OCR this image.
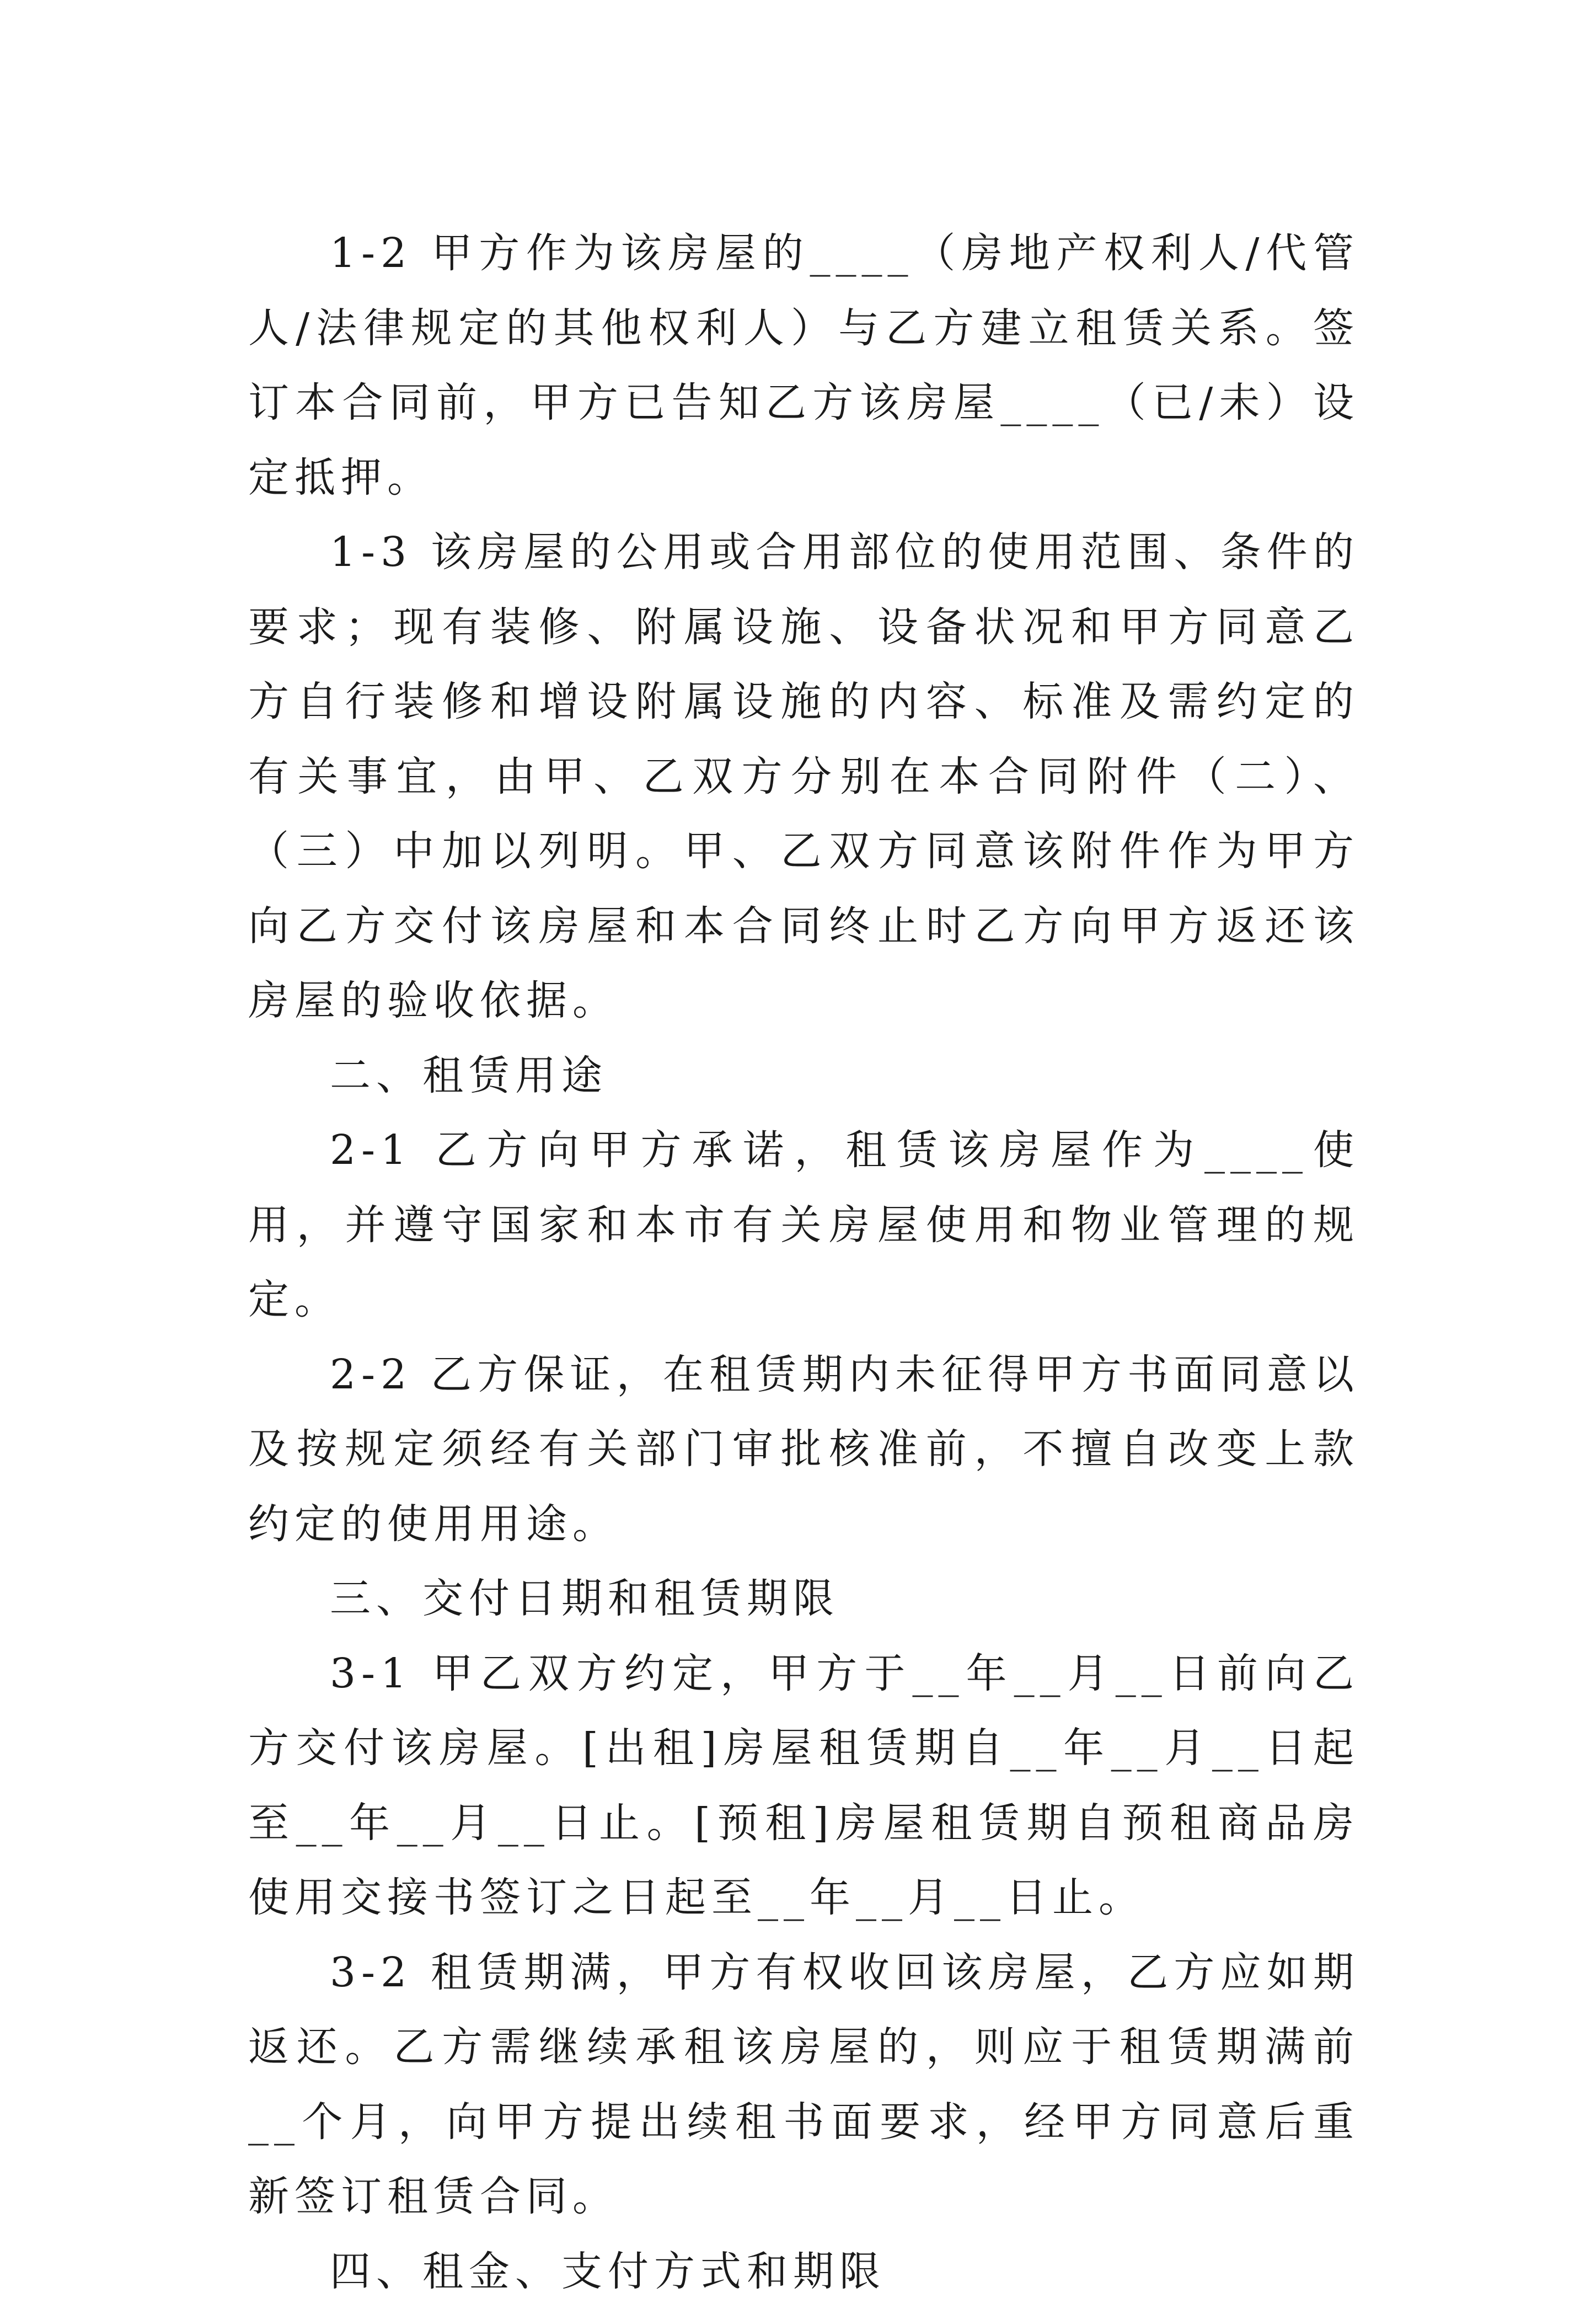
1-2 甲方作为该房屋的____（房地产权利人/代管人/法律规定的其他权利人）与乙方建立租赁关系。签订本合同前，甲方已告知乙方该房屋____（已/未）设定抵押。

1-3 该房屋的公用或合用部位的使用范围、条件的要求；现有装修、附属设施、设备状况和甲方同意乙方自行装修和增设附属设施的内容、标准及需约定的有关事宜，由甲、乙双方分别在本合同附件（二）、（三）中加以列明。甲、乙双方同意该附件作为甲方向乙方交付该房屋和本合同终止时乙方向甲方返还该房屋的验收依据。

二、租赁用途

2-1 乙方向甲方承诺，租赁该房屋作为____使用，并遵守国家和本市有关房屋使用和物业管理的规定。

2-2 乙方保证，在租赁期内未征得甲方书面同意以及按规定须经有关部门审批核准前，不擅自改变上款约定的使用用途。

三、交付日期和租赁期限

3-1 甲乙双方约定，甲方于__年__月__日前向乙方交付该房屋。[出租]房屋租赁期自__年__月__日起至__年__月__日止。[预租]房屋租赁期自预租商品房使用交接书签订之日起至__年__月__日止。

3-2 租赁期满，甲方有权收回该房屋，乙方应如期返还。乙方需继续承租该房屋的，则应于租赁期满前__个月，向甲方提出续租书面要求，经甲方同意后重新签订租赁合同。

四、租金、支付方式和期限
